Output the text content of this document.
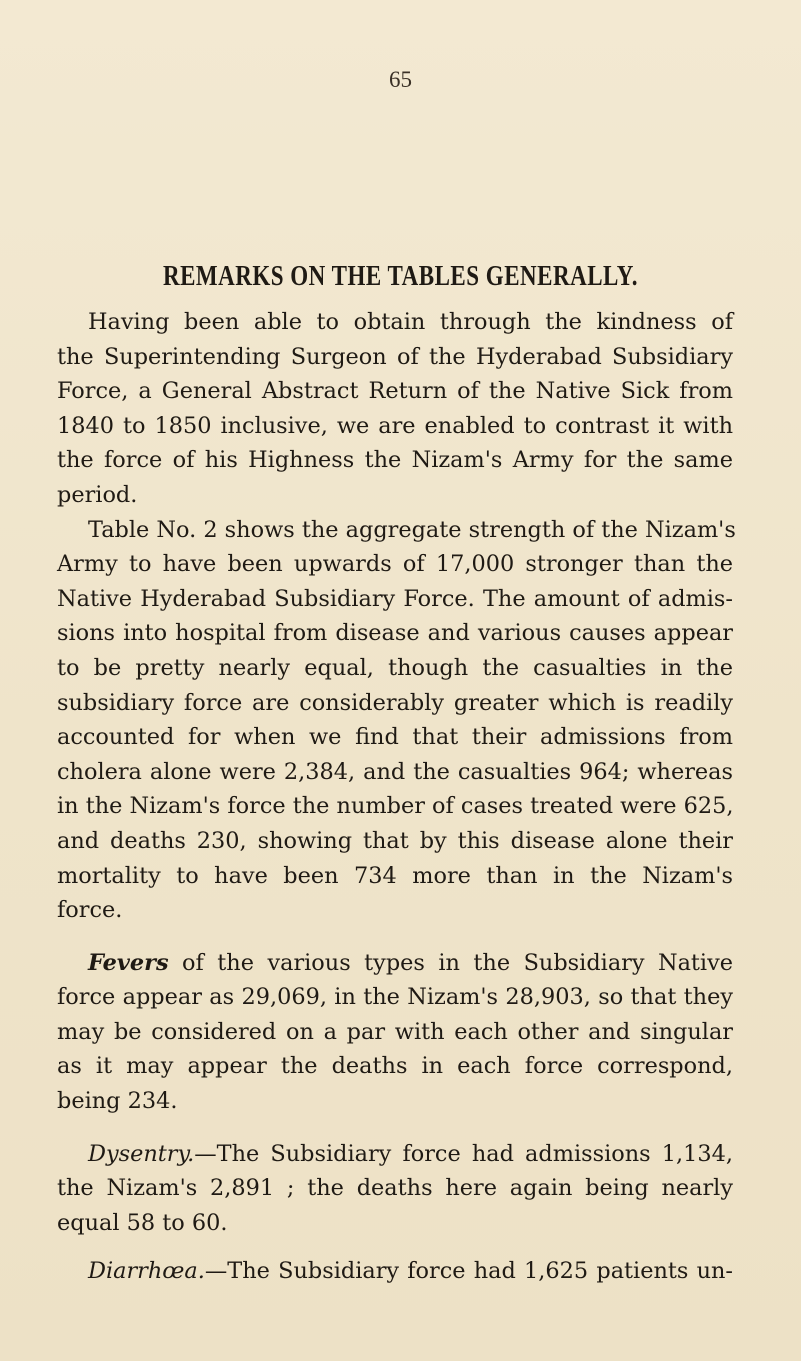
65
REMARKS ON THE TABLES GENERALLY.
Having been able to obtain through the kindness of
the Superintending Surgeon of the Hyderabad Subsidiary
Force, a General Abstract Return of the Native Sick from
1840 to 1850 inclusive, we are enabled to contrast it with
the force of his Highness the Nizam's Army for the same
period.
Table No. 2 shows the aggregate strength of the Nizam's
Army to have been upwards of 17,000 stronger than the
Native Hyderabad Subsidiary Force. The amount of admis-
sions into hospital from disease and various causes appear
to be pretty nearly equal, though the casualties in the
subsidiary force are considerably greater which is readily
accounted for when we find that their admissions from
cholera alone were 2,384, and the casualties 964; whereas
in the Nizam's force the number of cases treated were 625,
and deaths 230, showing that by this disease alone their
mortality to have been 734 more than in the Nizam's
force.
Fevers of the various types in the Subsidiary Native
force appear as 29,069, in the Nizam's 28,903, so that they
may be considered on a par with each other and singular
as it may appear the deaths in each force correspond,
being 234.
Dysentry.—The Subsidiary force had admissions 1,134,
the Nizam's 2,891 ; the deaths here again being nearly
equal 58 to 60.
Diarrhœa.—The Subsidiary force had 1,625 patients un-
